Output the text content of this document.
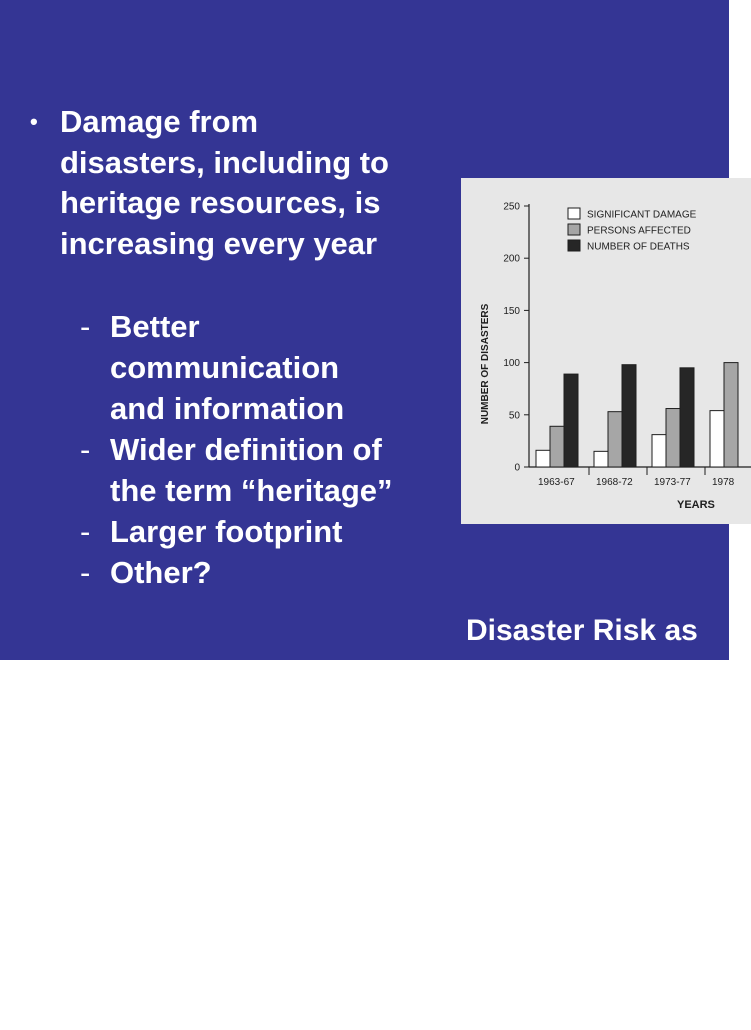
• Damage from
disasters, including to
heritage resources, is
increasing every year
- Better
communication
and information
- Wider definition of
the term “heritage”
- Larger footprint
- Other?
0
50
100
150
200
250
NUMBER OF DISASTERS
1963-67 1968-72 1973-77 1978
YEARS
SIGNIFICANT DAMAGE
PERSONS AFFECTED
NUMBER OF DEATHS
Disaster Risk as
